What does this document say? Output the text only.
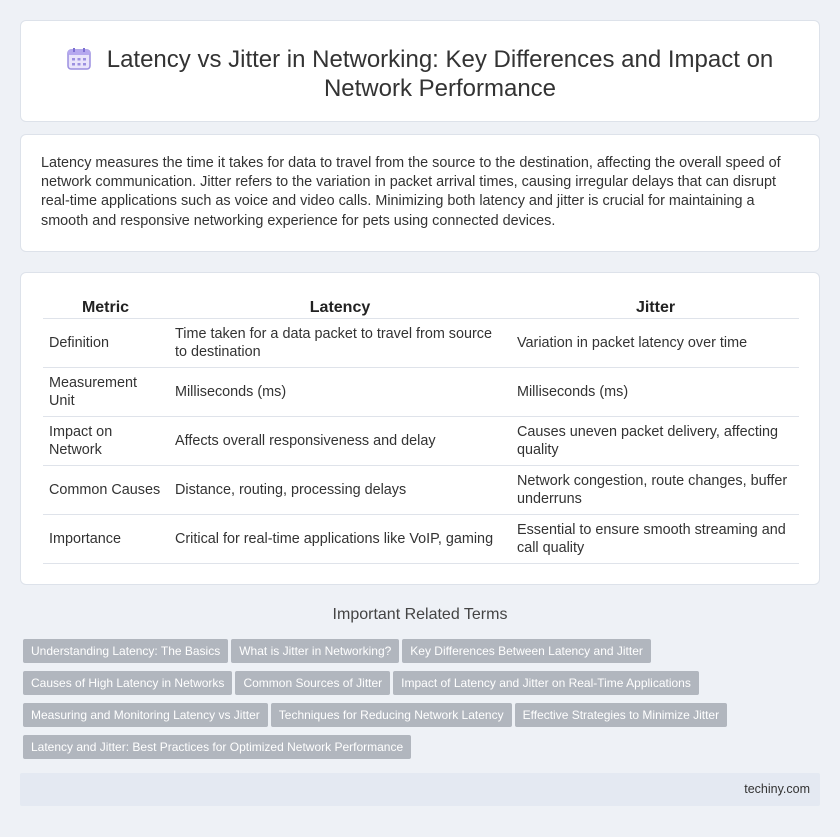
Latency vs Jitter in Networking: Key Differences and Impact on Network Performance

Latency measures the time it takes for data to travel from the source to the destination, affecting the overall speed of network communication. Jitter refers to the variation in packet arrival times, causing irregular delays that can disrupt real-time applications such as voice and video calls. Minimizing both latency and jitter is crucial for maintaining a smooth and responsive networking experience for pets using connected devices.

Metric	Latency	Jitter
Definition	Time taken for a data packet to travel from source to destination	Variation in packet latency over time
Measurement Unit	Milliseconds (ms)	Milliseconds (ms)
Impact on Network	Affects overall responsiveness and delay	Causes uneven packet delivery, affecting quality
Common Causes	Distance, routing, processing delays	Network congestion, route changes, buffer underruns
Importance	Critical for real-time applications like VoIP, gaming	Essential to ensure smooth streaming and call quality
Important Related Terms
Understanding Latency: The Basics What is Jitter in Networking? Key Differences Between Latency and Jitter
Causes of High Latency in Networks Common Sources of Jitter Impact of Latency and Jitter on Real-Time Applications
Measuring and Monitoring Latency vs Jitter Techniques for Reducing Network Latency Effective Strategies to Minimize Jitter
Latency and Jitter: Best Practices for Optimized Network Performance
techiny.com
